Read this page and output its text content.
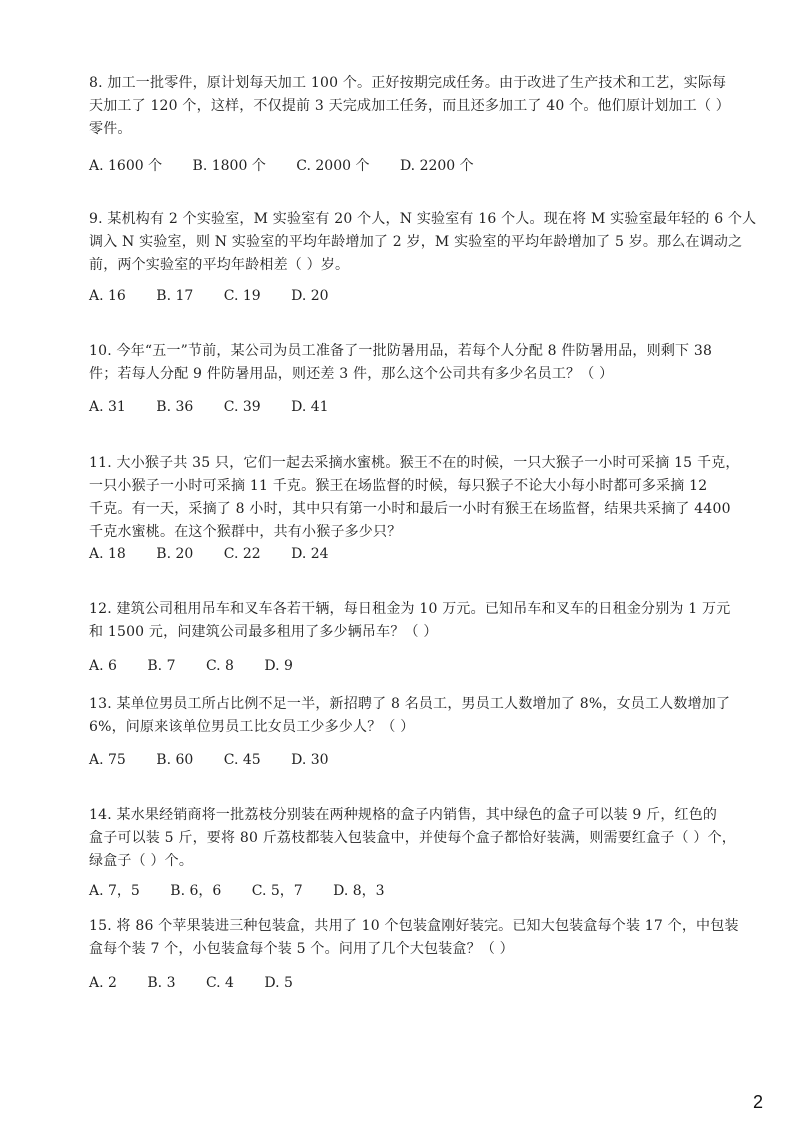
8. 加工一批零件，原计划每天加工 100 个。正好按期完成任务。由于改进了生产技术和工艺，实际每
天加工了 120 个，这样，不仅提前 3 天完成加工任务，而且还多加工了 40 个。他们原计划加工（ ）
零件。
A. 1600 个 B. 1800 个 C. 2000 个 D. 2200 个
9. 某机构有 2 个实验室，M 实验室有 20 个人，N 实验室有 16 个人。现在将 M 实验室最年轻的 6 个人
调入 N 实验室，则 N 实验室的平均年龄增加了 2 岁，M 实验室的平均年龄增加了 5 岁。那么在调动之
前，两个实验室的平均年龄相差（ ）岁。
A. 16 B. 17 C. 19 D. 20
10. 今年“五一”节前，某公司为员工准备了一批防暑用品，若每个人分配 8 件防暑用品，则剩下 38
件；若每人分配 9 件防暑用品，则还差 3 件，那么这个公司共有多少名员工？（ ）
A. 31 B. 36 C. 39 D. 41
11. 大小猴子共 35 只，它们一起去采摘水蜜桃。猴王不在的时候，一只大猴子一小时可采摘 15 千克，
一只小猴子一小时可采摘 11 千克。猴王在场监督的时候，每只猴子不论大小每小时都可多采摘 12
千克。有一天，采摘了 8 小时，其中只有第一小时和最后一小时有猴王在场监督，结果共采摘了 4400
千克水蜜桃。在这个猴群中，共有小猴子多少只？
A. 18 B. 20 C. 22 D. 24
12. 建筑公司租用吊车和叉车各若干辆，每日租金为 10 万元。已知吊车和叉车的日租金分别为 1 万元
和 1500 元，问建筑公司最多租用了多少辆吊车？（ ）
A. 6 B. 7 C. 8 D. 9
13. 某单位男员工所占比例不足一半，新招聘了 8 名员工，男员工人数增加了 8%，女员工人数增加了
6%，问原来该单位男员工比女员工少多少人？（ ）
A. 75 B. 60 C. 45 D. 30
14. 某水果经销商将一批荔枝分别装在两种规格的盒子内销售，其中绿色的盒子可以装 9 斤，红色的
盒子可以装 5 斤，要将 80 斤荔枝都装入包装盒中，并使每个盒子都恰好装满，则需要红盒子（ ）个，
绿盒子（ ）个。
A. 7，5 B. 6，6 C. 5，7 D. 8，3
15. 将 86 个苹果装进三种包装盒，共用了 10 个包装盒刚好装完。已知大包装盒每个装 17 个，中包装
盒每个装 7 个，小包装盒每个装 5 个。问用了几个大包装盒？（ ）
A. 2 B. 3 C. 4 D. 5
2
